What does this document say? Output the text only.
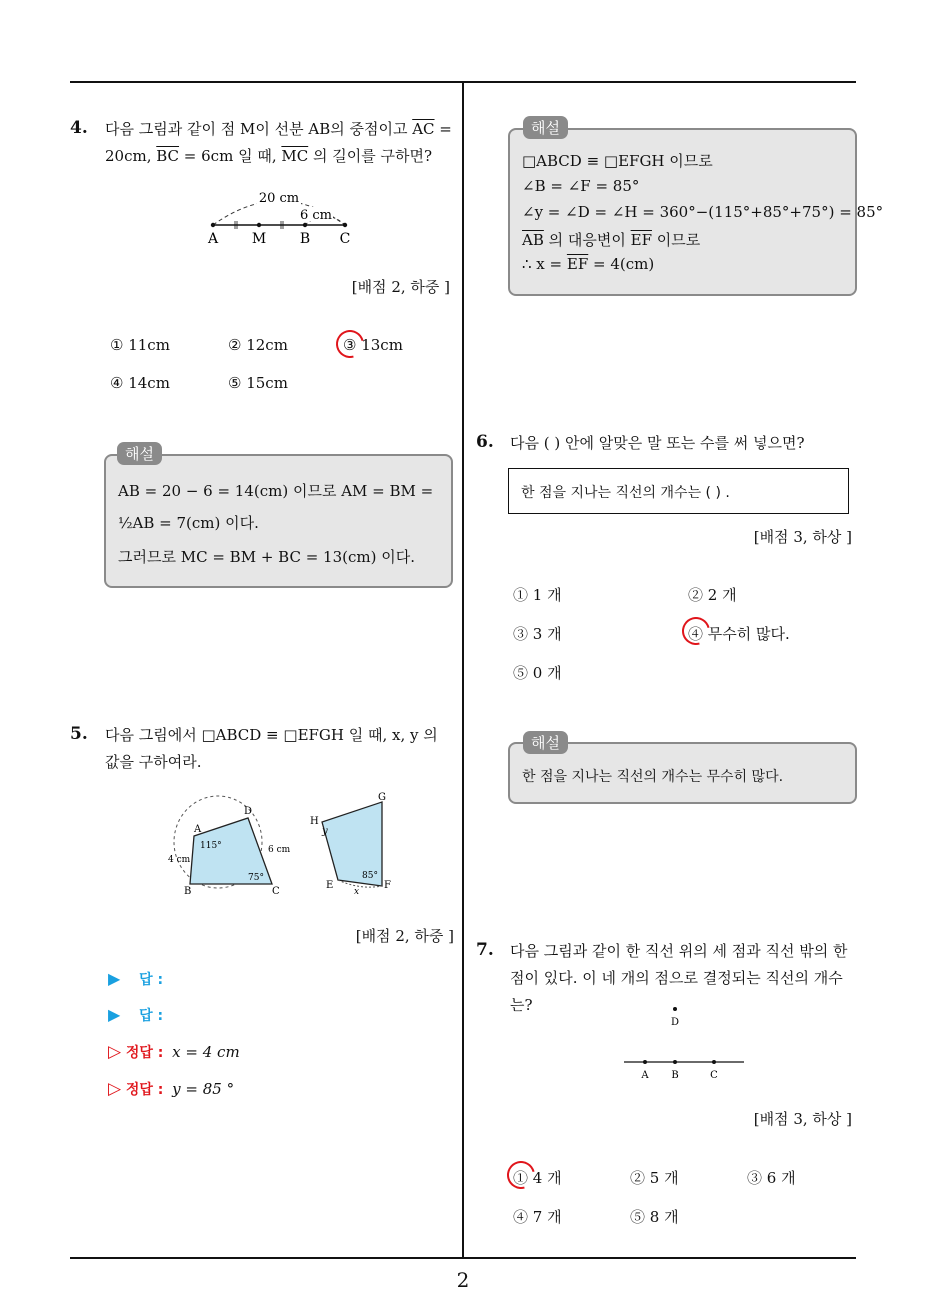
2
4. 다음 그림과 같이 점 M이 선분 AB의 중점이고 $\overline{AC}$ =
20cm, $\overline{BC} = 6cm$ 일 때, $\overline{MC}$ 의 길이를 구하면?
20 cm
6 cm
A M B C
[배점 2, 하중 ]
① 11cm	② 12cm	③ 13cm
④ 14cm	⑤ 15cm
AB = 20 − 6 = 14(cm) 이므로 AM = BM =
½AB = 7(cm) 이다.
그러므로 MC = BM + BC = 13(cm) 이다.
해설
5. 다음 그림에서 □ABCD ≡ □EFGH 일 때, x, y 의
값을 구하여라.
A
B	C
D
115°
75°
4 cm
6 cm
E	F
G
H
y
85°
x
[배점 2, 하중 ]
▶ 답 :
▶ 답 :
▷ 정답 : x = 4 cm
▷ 정답 : y = 85 °
□ABCD ≡ □EFGH 이므로
∠B = ∠F = 85°
∠y = ∠D = ∠H = 360°−(115°+85°+75°) = 85°
$\overline{AB}$ 의 대응변이 $\overline{EF}$ 이므로
∴ $x = \overline{EF} = 4(cm)$
해설
6. 다음 ( ) 안에 알맞은 말 또는 수를 써 넣으면?
한 점을 지나는 직선의 개수는 ( ) .
[배점 3, 하상 ]
① 1 개	② 2 개
③ 3 개	④ 무수히 많다.
⑤ 0 개
한 점을 지나는 직선의 개수는 무수히 많다.
해설
7. 다음 그림과 같이 한 직선 위의 세 점과 직선 밖의 한
점이 있다. 이 네 개의 점으로 결정되는 직선의 개수는?
D
A B	C
[배점 3, 하상 ]
① 4 개	② 5 개	③ 6 개
④ 7 개	⑤ 8 개
